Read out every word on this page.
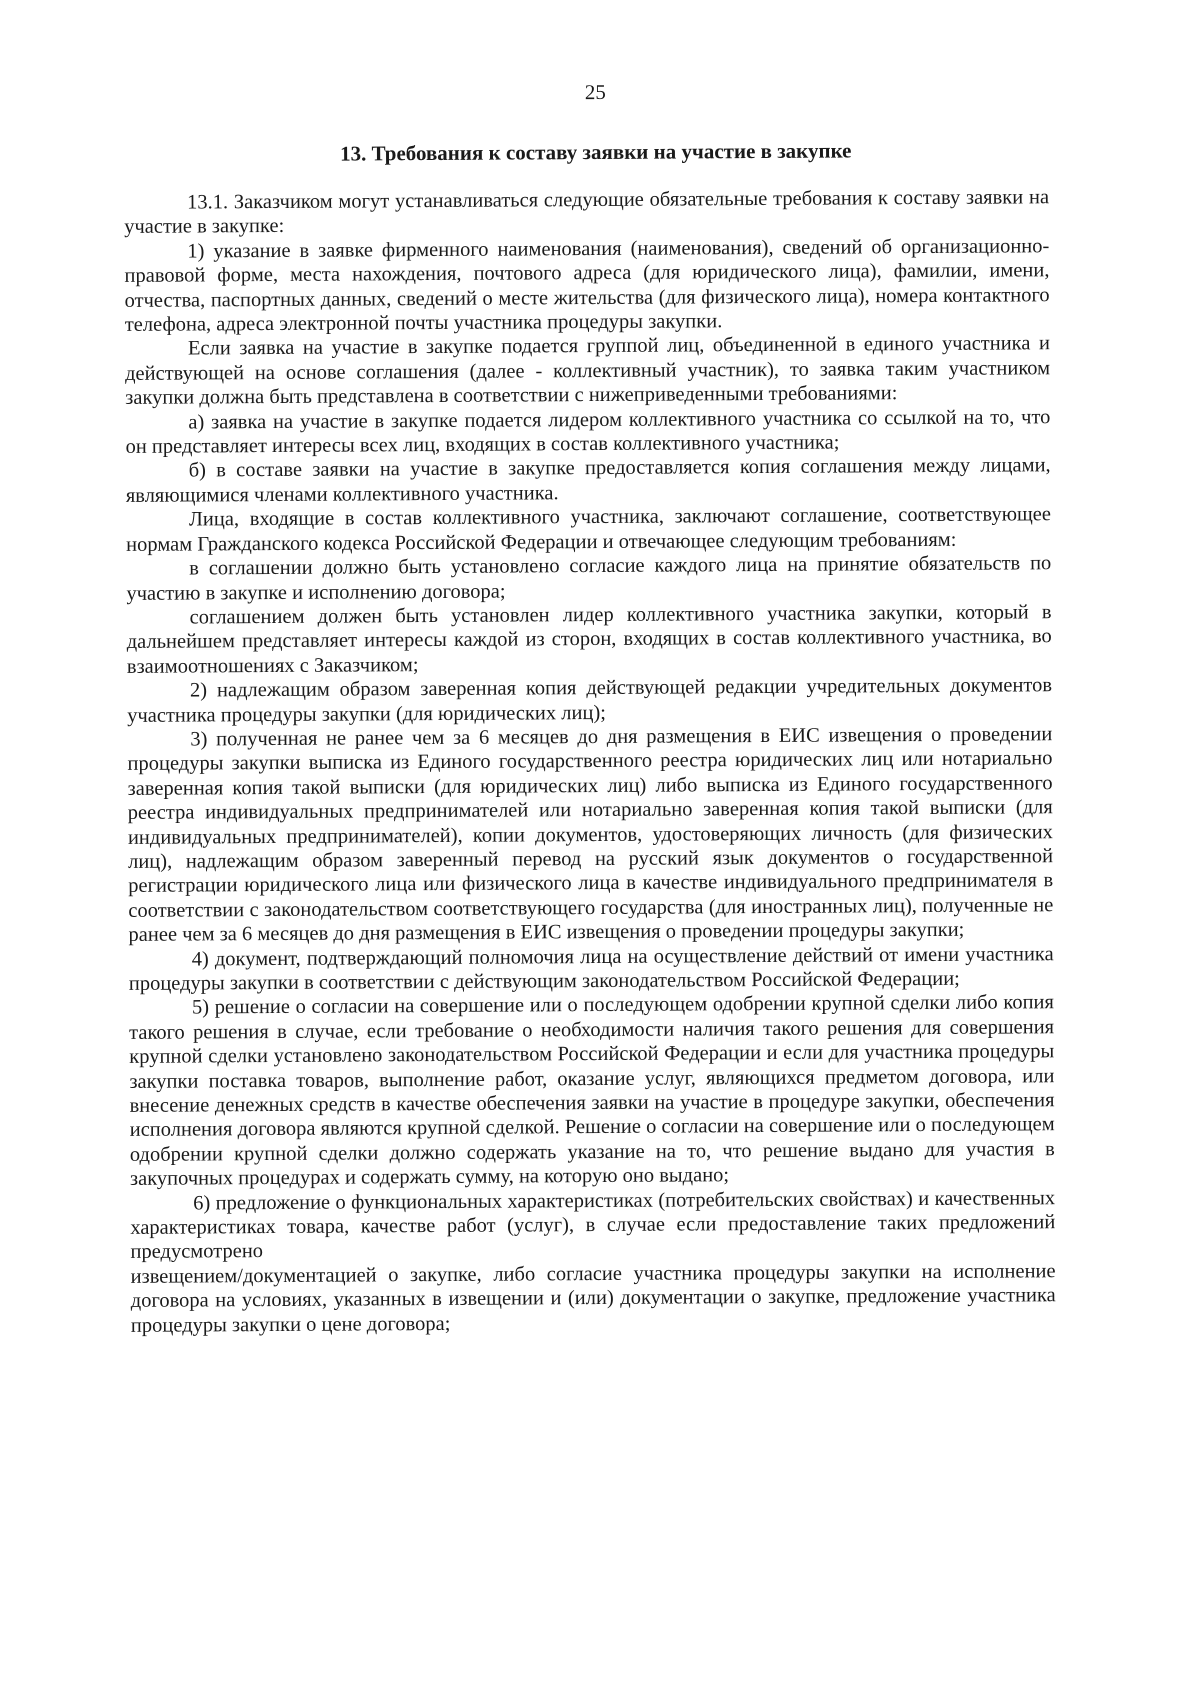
25
13. Требования к составу заявки на участие в закупке

13.1. Заказчиком могут устанавливаться следующие обязательные требования к составу заявки на участие в закупке:

1) указание в заявке фирменного наименования (наименования), сведений об организационно-правовой форме, места нахождения, почтового адреса (для юридического лица), фамилии, имени, отчества, паспортных данных, сведений о месте жительства (для физического лица), номера контактного телефона, адреса электронной почты участника процедуры закупки.

Если заявка на участие в закупке подается группой лиц, объединенной в единого участника и действующей на основе соглашения (далее - коллективный участник), то заявка таким участником закупки должна быть представлена в соответствии с нижеприведенными требованиями:

а) заявка на участие в закупке подается лидером коллективного участника со ссылкой на то, что он представляет интересы всех лиц, входящих в состав коллективного участника;

б) в составе заявки на участие в закупке предоставляется копия соглашения между лицами, являющимися членами коллективного участника.

Лица, входящие в состав коллективного участника, заключают соглашение, соответствующее нормам Гражданского кодекса Российской Федерации и отвечающее следующим требованиям:

в соглашении должно быть установлено согласие каждого лица на принятие обязательств по участию в закупке и исполнению договора;

соглашением должен быть установлен лидер коллективного участника закупки, который в дальнейшем представляет интересы каждой из сторон, входящих в состав коллективного участника, во взаимоотношениях с Заказчиком;

2) надлежащим образом заверенная копия действующей редакции учредительных документов участника процедуры закупки (для юридических лиц);

3) полученная не ранее чем за 6 месяцев до дня размещения в ЕИС извещения о проведении процедуры закупки выписка из Единого государственного реестра юридических лиц или нотариально заверенная копия такой выписки (для юридических лиц) либо выписка из Единого государственного реестра индивидуальных предпринимателей или нотариально заверенная копия такой выписки (для индивидуальных предпринимателей), копии документов, удостоверяющих личность (для физических лиц), надлежащим образом заверенный перевод на русский язык документов о государственной регистрации юридического лица или физического лица в качестве индивидуального предпринимателя в соответствии с законодательством соответствующего государства (для иностранных лиц), полученные не ранее чем за 6 месяцев до дня размещения в ЕИС извещения о проведении процедуры закупки;

4) документ, подтверждающий полномочия лица на осуществление действий от имени участника процедуры закупки в соответствии с действующим законодательством Российской Федерации;

5) решение о согласии на совершение или о последующем одобрении крупной сделки либо копия такого решения в случае, если требование о необходимости наличия такого решения для совершения крупной сделки установлено законодательством Российской Федерации и если для участника процедуры закупки поставка товаров, выполнение работ, оказание услуг, являющихся предметом договора, или внесение денежных средств в качестве обеспечения заявки на участие в процедуре закупки, обеспечения исполнения договора являются крупной сделкой. Решение о согласии на совершение или о последующем одобрении крупной сделки должно содержать указание на то, что решение выдано для участия в закупочных процедурах и содержать сумму, на которую оно выдано;

6) предложение о функциональных характеристиках (потребительских свойствах) и качественных характеристиках товара, качестве работ (услуг), в случае если предоставление таких предложений предусмотрено

извещением/документацией о закупке, либо согласие участника процедуры закупки на исполнение договора на условиях, указанных в извещении и (или) документации о закупке, предложение участника процедуры закупки о цене договора;
